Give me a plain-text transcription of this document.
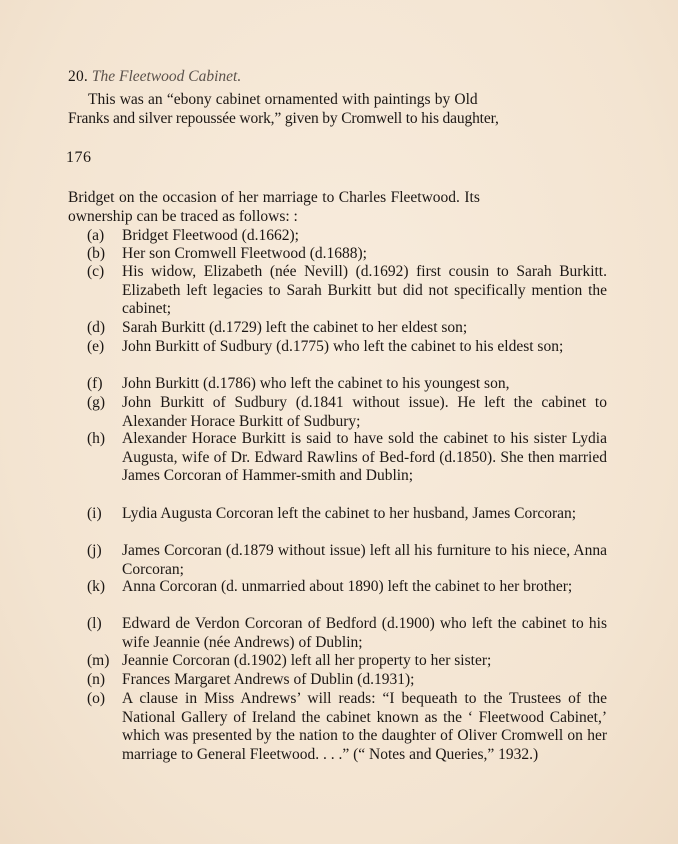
20. The Fleetwood Cabinet.
This was an “ebony cabinet ornamented with paintings by Old
Franks and silver repoussée work,” given by Cromwell to his daughter,
176
Bridget on the occasion of her marriage to Charles Fleetwood. Its
ownership can be traced as follows: :
(a) Bridget Fleetwood (d.1662);
(b) Her son Cromwell Fleetwood (d.1688);
(c) His widow, Elizabeth (née Nevill) (d.1692) first cousin to Sarah Burkitt. Elizabeth left legacies to Sarah Burkitt but did not specifically mention the cabinet;
(d) Sarah Burkitt (d.1729) left the cabinet to her eldest son;
(e) John Burkitt of Sudbury (d.1775) who left the cabinet to his eldest son;
(f) John Burkitt (d.1786) who left the cabinet to his youngest son,
(g) John Burkitt of Sudbury (d.1841 without issue). He left the cabinet to Alexander Horace Burkitt of Sudbury;
(h) Alexander Horace Burkitt is said to have sold the cabinet to his sister Lydia Augusta, wife of Dr. Edward Rawlins of Bed-ford (d.1850). She then married James Corcoran of Hammer-smith and Dublin;
(i) Lydia Augusta Corcoran left the cabinet to her husband, James Corcoran;
(j) James Corcoran (d.1879 without issue) left all his furniture to his niece, Anna Corcoran;
(k) Anna Corcoran (d. unmarried about 1890) left the cabinet to her brother;
(l) Edward de Verdon Corcoran of Bedford (d.1900) who left the cabinet to his wife Jeannie (née Andrews) of Dublin;
(m) Jeannie Corcoran (d.1902) left all her property to her sister;
(n) Frances Margaret Andrews of Dublin (d.1931);
(o) A clause in Miss Andrews’ will reads: “I bequeath to the Trustees of the National Gallery of Ireland the cabinet known as the ‘ Fleetwood Cabinet,’ which was presented by the nation to the daughter of Oliver Cromwell on her marriage to General Fleetwood. . . .” (“ Notes and Queries,” 1932.)
